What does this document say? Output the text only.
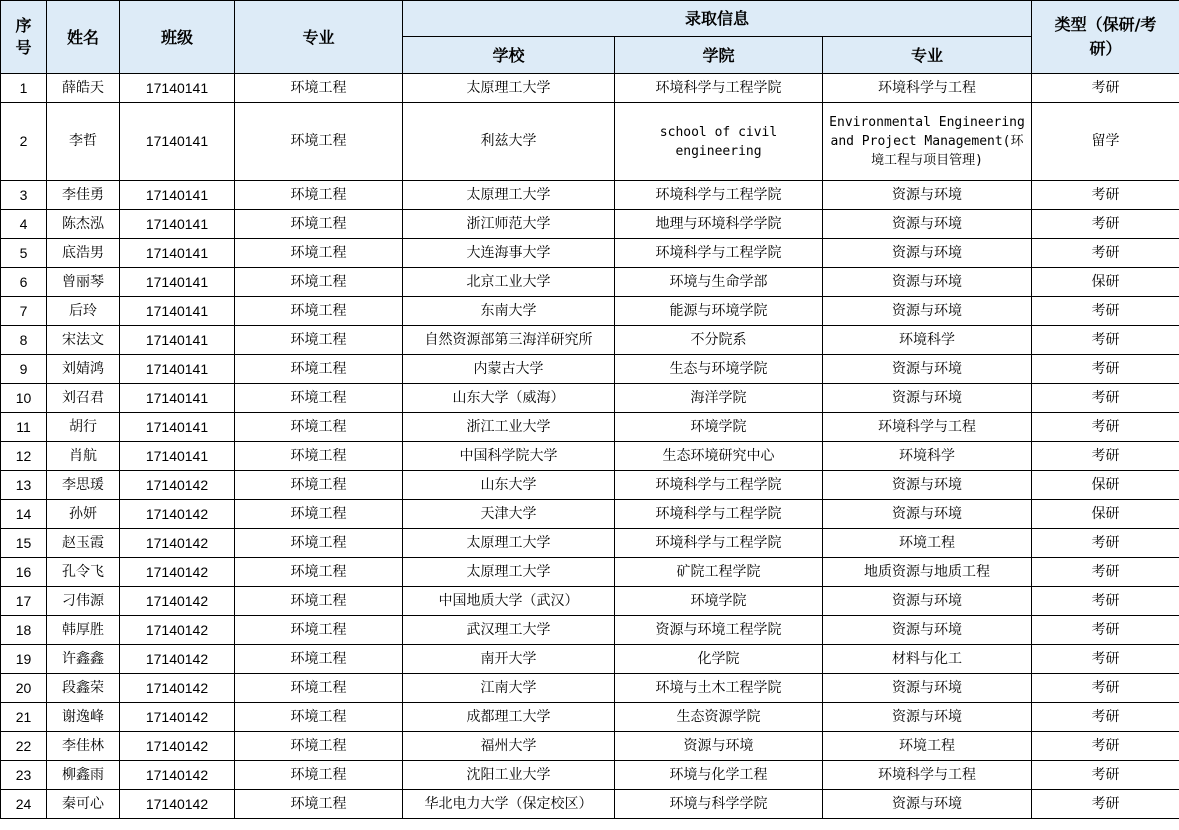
序号	姓名	班级	专业	录取信息			类型（保研/考研）
				学校	学院	专业	
1	薛皓天	17140141	环境工程	太原理工大学	环境科学与工程学院	环境科学与工程	考研
2	李哲	17140141	环境工程	利兹大学	school of civil engineering	Environmental Engineering and Project Management(环境工程与项目管理)	留学
3	李佳勇	17140141	环境工程	太原理工大学	环境科学与工程学院	资源与环境	考研
4	陈杰泓	17140141	环境工程	浙江师范大学	地理与环境科学学院	资源与环境	考研
5	底浩男	17140141	环境工程	大连海事大学	环境科学与工程学院	资源与环境	考研
6	曾丽琴	17140141	环境工程	北京工业大学	环境与生命学部	资源与环境	保研
7	后玲	17140141	环境工程	东南大学	能源与环境学院	资源与环境	考研
8	宋法文	17140141	环境工程	自然资源部第三海洋研究所	不分院系	环境科学	考研
9	刘婧鸿	17140141	环境工程	内蒙古大学	生态与环境学院	资源与环境	考研
10	刘召君	17140141	环境工程	山东大学（威海）	海洋学院	资源与环境	考研
11	胡行	17140141	环境工程	浙江工业大学	环境学院	环境科学与工程	考研
12	肖航	17140141	环境工程	中国科学院大学	生态环境研究中心	环境科学	考研
13	李思瑗	17140142	环境工程	山东大学	环境科学与工程学院	资源与环境	保研
14	孙妍	17140142	环境工程	天津大学	环境科学与工程学院	资源与环境	保研
15	赵玉霞	17140142	环境工程	太原理工大学	环境科学与工程学院	环境工程	考研
16	孔令飞	17140142	环境工程	太原理工大学	矿院工程学院	地质资源与地质工程	考研
17	刁伟源	17140142	环境工程	中国地质大学（武汉）	环境学院	资源与环境	考研
18	韩厚胜	17140142	环境工程	武汉理工大学	资源与环境工程学院	资源与环境	考研
19	许鑫鑫	17140142	环境工程	南开大学	化学院	材料与化工	考研
20	段鑫荣	17140142	环境工程	江南大学	环境与土木工程学院	资源与环境	考研
21	谢逸峰	17140142	环境工程	成都理工大学	生态资源学院	资源与环境	考研
22	李佳林	17140142	环境工程	福州大学	资源与环境	环境工程	考研
23	柳鑫雨	17140142	环境工程	沈阳工业大学	环境与化学工程	环境科学与工程	考研
24	秦可心	17140142	环境工程	华北电力大学（保定校区）	环境与科学学院	资源与环境	考研
